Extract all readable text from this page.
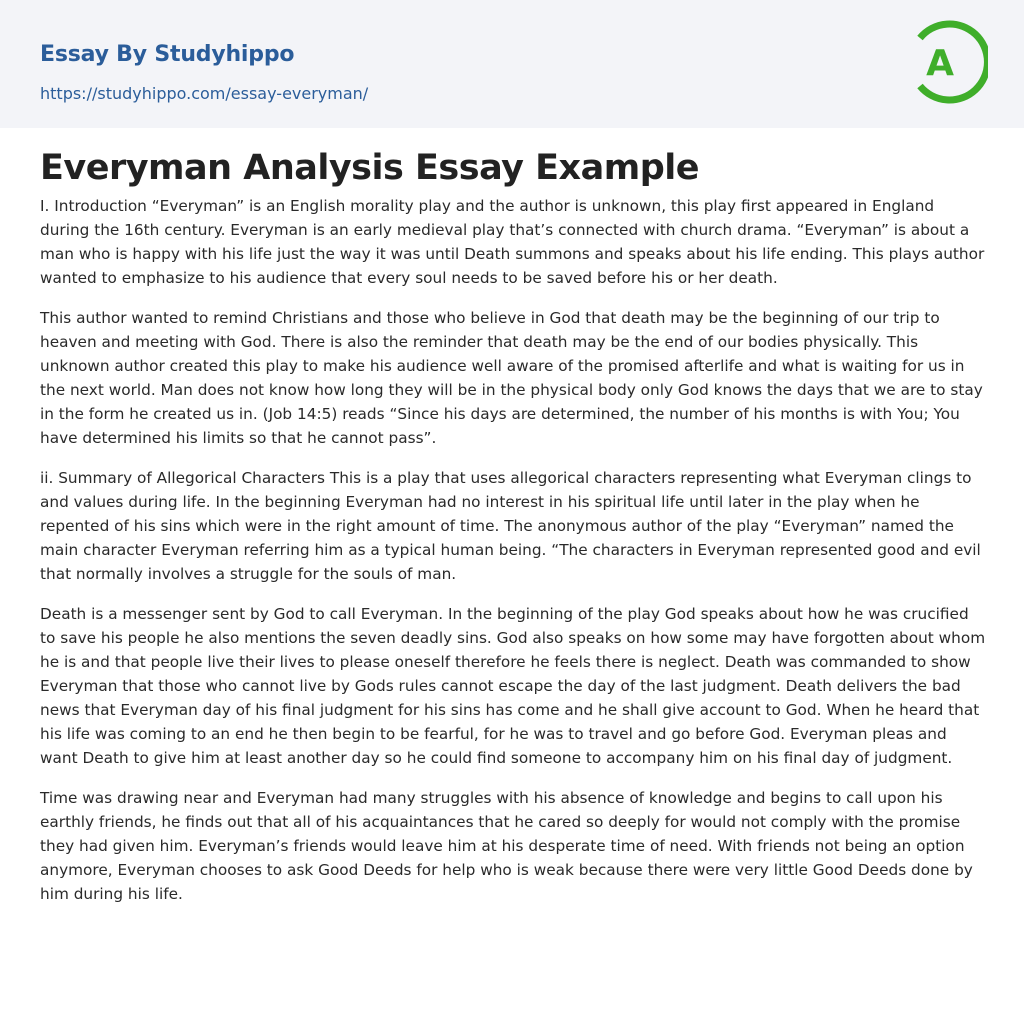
Essay By Studyhippo
https://studyhippo.com/essay-everyman/
A
Everyman Analysis Essay Example

I. Introduction “Everyman” is an English morality play and the author is unknown, this play first appeared in England during the 16th century. Everyman is an early medieval play that’s connected with church drama. “Everyman” is about a man who is happy with his life just the way it was until Death summons and speaks about his life ending. This plays author wanted to emphasize to his audience that every soul needs to be saved before his or her death.

This author wanted to remind Christians and those who believe in God that death may be the beginning of our trip to heaven and meeting with God. There is also the reminder that death may be the end of our bodies physically. This unknown author created this play to make his audience well aware of the promised afterlife and what is waiting for us in the next world. Man does not know how long they will be in the physical body only God knows the days that we are to stay in the form he created us in. (Job 14:5) reads “Since his days are determined, the number of his months is with You; You have determined his limits so that he cannot pass”.

ii. Summary of Allegorical Characters This is a play that uses allegorical characters representing what Everyman clings to and values during life. In the beginning Everyman had no interest in his spiritual life until later in the play when he repented of his sins which were in the right amount of time. The anonymous author of the play “Everyman” named the main character Everyman referring him as a typical human being. “The characters in Everyman represented good and evil that normally involves a struggle for the souls of man.

Death is a messenger sent by God to call Everyman. In the beginning of the play God speaks about how he was crucified to save his people he also mentions the seven deadly sins. God also speaks on how some may have forgotten about whom he is and that people live their lives to please oneself therefore he feels there is neglect. Death was commanded to show Everyman that those who cannot live by Gods rules cannot escape the day of the last judgment. Death delivers the bad news that Everyman day of his final judgment for his sins has come and he shall give account to God. When he heard that his life was coming to an end he then begin to be fearful, for he was to travel and go before God. Everyman pleas and want Death to give him at least another day so he could find someone to accompany him on his final day of judgment.

Time was drawing near and Everyman had many struggles with his absence of knowledge and begins to call upon his earthly friends, he finds out that all of his acquaintances that he cared so deeply for would not comply with the promise they had given him. Everyman’s friends would leave him at his desperate time of need. With friends not being an option anymore, Everyman chooses to ask Good Deeds for help who is weak because there were very little Good Deeds done by him during his life.
